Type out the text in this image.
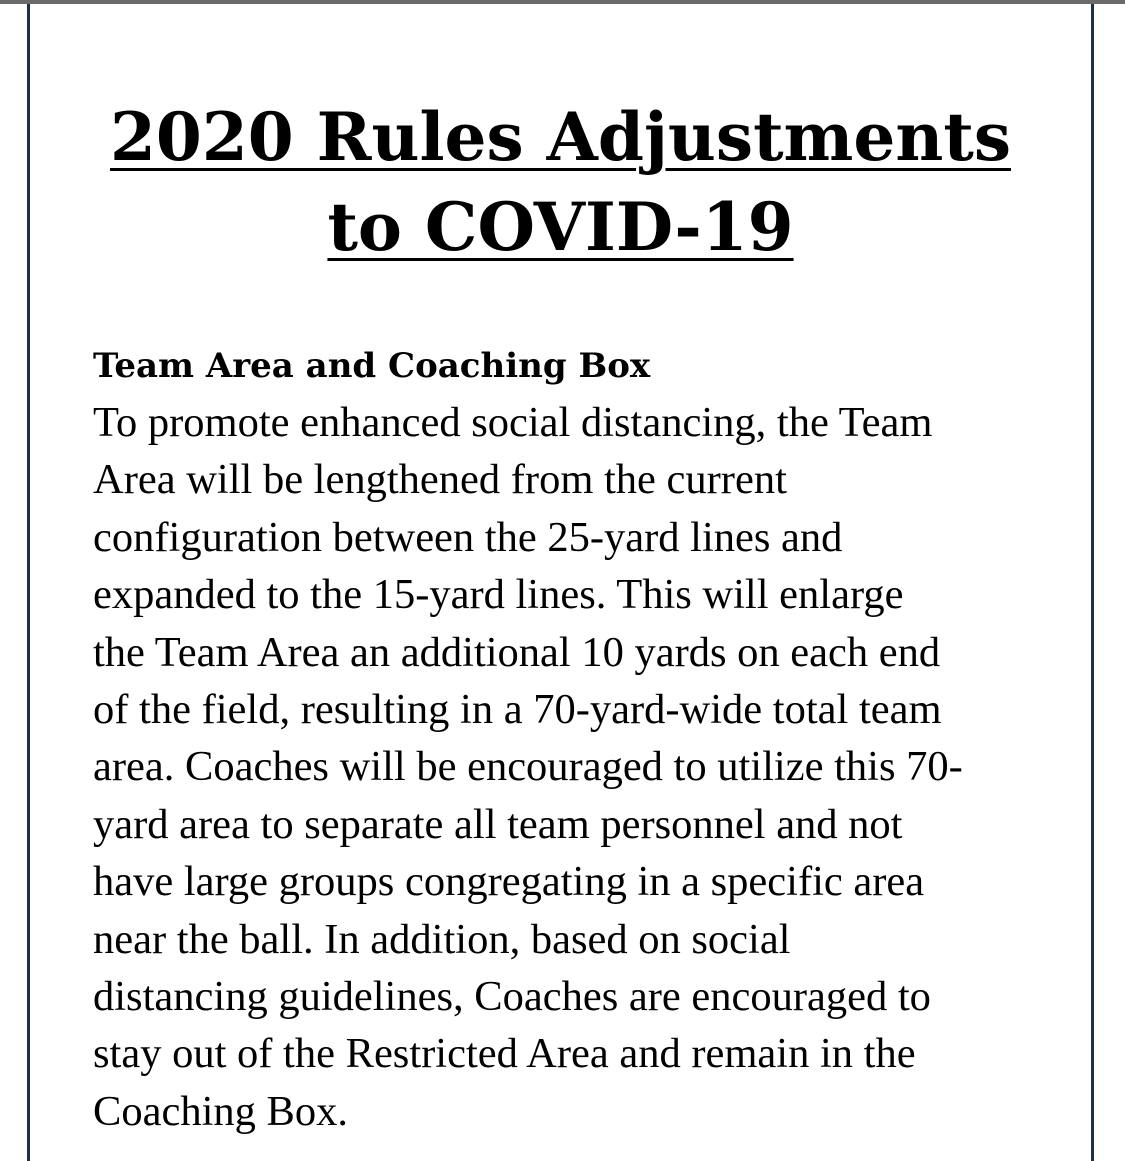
2020 Rules Adjustments
to COVID-19
Team Area and Coaching Box

To promote enhanced social distancing, the Team
Area will be lengthened from the current
configuration between the 25-yard lines and
expanded to the 15-yard lines. This will enlarge
the Team Area an additional 10 yards on each end
of the field, resulting in a 70-yard-wide total team
area. Coaches will be encouraged to utilize this 70-
yard area to separate all team personnel and not
have large groups congregating in a specific area
near the ball. In addition, based on social
distancing guidelines, Coaches are encouraged to
stay out of the Restricted Area and remain in the
Coaching Box.
